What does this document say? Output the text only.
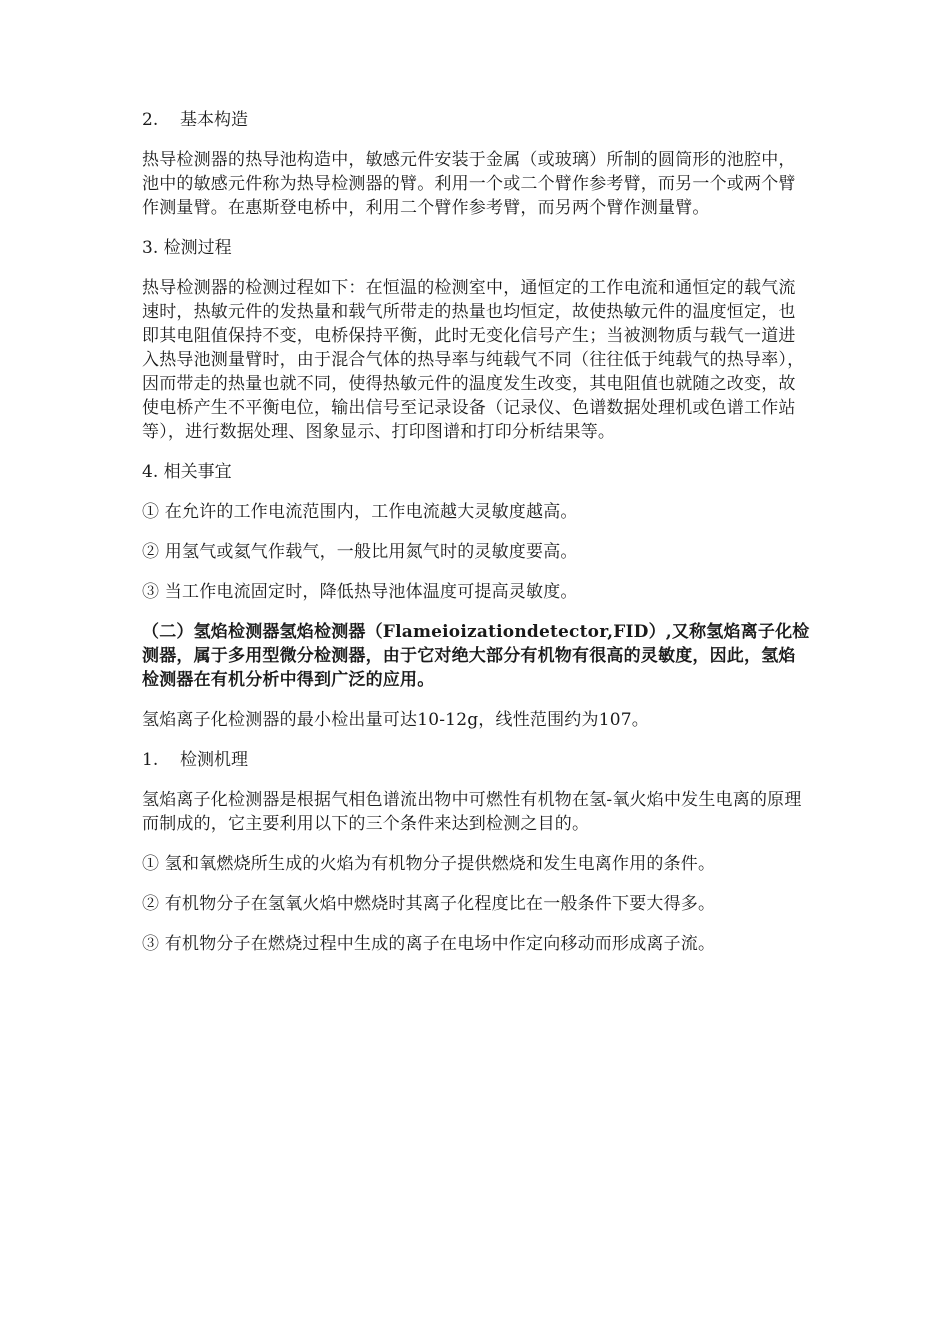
2. 基本构造

热导检测器的热导池构造中，敏感元件安装于金属（或玻璃）所制的圆筒形的池腔中，池中的敏感元件称为热导检测器的臂。利用一个或二个臂作参考臂，而另一个或两个臂作测量臂。在惠斯登电桥中，利用二个臂作参考臂，而另两个臂作测量臂。

3. 检测过程

热导检测器的检测过程如下：在恒温的检测室中，通恒定的工作电流和通恒定的载气流速时，热敏元件的发热量和载气所带走的热量也均恒定，故使热敏元件的温度恒定，也即其电阻值保持不变，电桥保持平衡，此时无变化信号产生；当被测物质与载气一道进入热导池测量臂时，由于混合气体的热导率与纯载气不同（往往低于纯载气的热导率），因而带走的热量也就不同，使得热敏元件的温度发生改变，其电阻值也就随之改变，故使电桥产生不平衡电位，输出信号至记录设备（记录仪、色谱数据处理机或色谱工作站等），进行数据处理、图象显示、打印图谱和打印分析结果等。

4. 相关事宜

① 在允许的工作电流范围内，工作电流越大灵敏度越高。

② 用氢气或氦气作载气，一般比用氮气时的灵敏度要高。

③ 当工作电流固定时，降低热导池体温度可提高灵敏度。

（二）氢焰检测器氢焰检测器（Flameioizationdetector,FID）,又称氢焰离子化检测器，属于多用型微分检测器，由于它对绝大部分有机物有很高的灵敏度，因此，氢焰检测器在有机分析中得到广泛的应用。

氢焰离子化检测器的最小检出量可达10-12g，线性范围约为107。

1. 检测机理

氢焰离子化检测器是根据气相色谱流出物中可燃性有机物在氢-氧火焰中发生电离的原理而制成的，它主要利用以下的三个条件来达到检测之目的。

① 氢和氧燃烧所生成的火焰为有机物分子提供燃烧和发生电离作用的条件。

② 有机物分子在氢氧火焰中燃烧时其离子化程度比在一般条件下要大得多。

③ 有机物分子在燃烧过程中生成的离子在电场中作定向移动而形成离子流。
